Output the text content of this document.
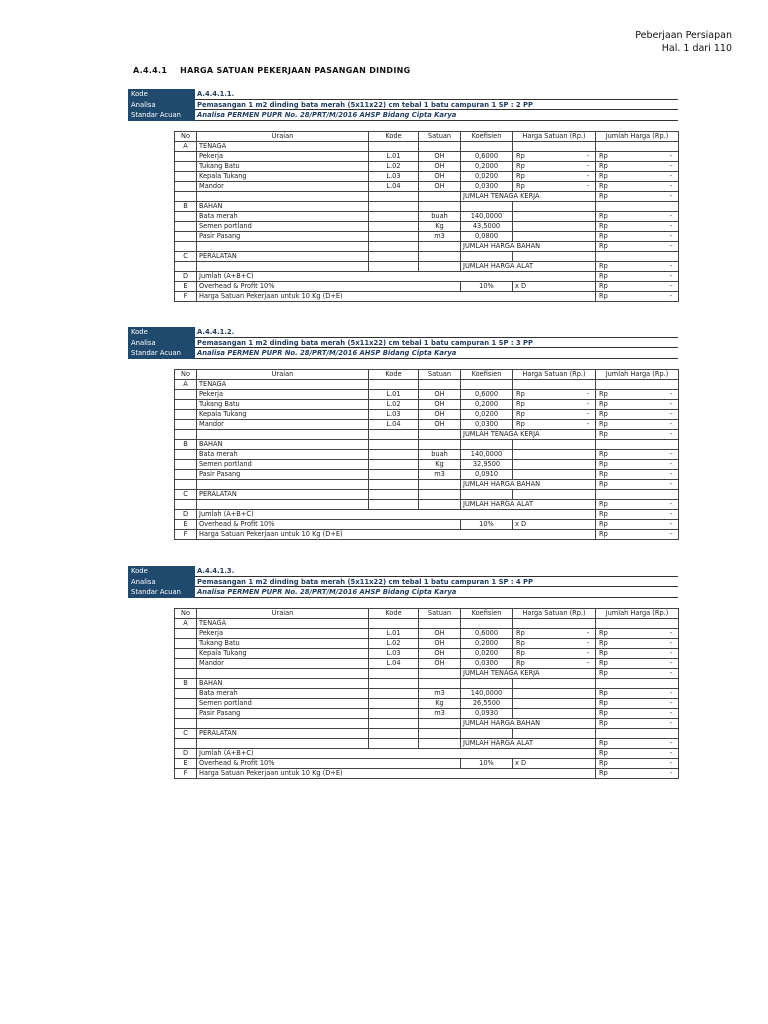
Peberjaan Persiapan
Hal. 1 dari 110
A.4.4.1 HARGA SATUAN PEKERJAAN PASANGAN DINDING
Kode	A.4.4.1.1.
Analisa	Pemasangan 1 m2 dinding bata merah (5x11x22) cm tebal 1 batu campuran 1 SP : 2 PP
Standar Acuan	Analisa PERMEN PUPR No. 28/PRT/M/2016 AHSP Bidang Cipta Karya
No	Uraian	Kode	Satuan	Koefisien	Harga Satuan (Rp.)	Jumlah Harga (Rp.)
A	TENAGA					
	Pekerja	L.01	OH	0,6000	Rp -	Rp -

	Tukang Batu	L.02	OH	0,2000	Rp -	Rp -

	Kepala Tukang	L.03	OH	0,0200	Rp -	Rp -

	Mandor	L.04	OH	0,0300	Rp -	Rp -

				JUMLAH TENAGA KERJA		Rp -

B	BAHAN					
	Bata merah		buah	140,0000		Rp -

	Semen portland		Kg	43,5000		Rp -

	Pasir Pasang		m3	0,0800		Rp -

				JUMLAH HARGA BAHAN		Rp -

C	PERALATAN					
				JUMLAH HARGA ALAT		Rp -

D	Jumlah (A+B+C)					Rp -

E	Overhead & Profit 10%			10%	x D	Rp -

F	Harga Satuan Pekerjaan untuk 10 Kg (D+E)					Rp -
Kode	A.4.4.1.2.
Analisa	Pemasangan 1 m2 dinding bata merah (5x11x22) cm tebal 1 batu campuran 1 SP : 3 PP
Standar Acuan	Analisa PERMEN PUPR No. 28/PRT/M/2016 AHSP Bidang Cipta Karya
No	Uraian	Kode	Satuan	Koefisien	Harga Satuan (Rp.)	Jumlah Harga (Rp.)
A	TENAGA					
	Pekerja	L.01	OH	0,6000	Rp -	Rp -

	Tukang Batu	L.02	OH	0,2000	Rp -	Rp -

	Kepala Tukang	L.03	OH	0,0200	Rp -	Rp -

	Mandor	L.04	OH	0,0300	Rp -	Rp -

				JUMLAH TENAGA KERJA		Rp -

B	BAHAN					
	Bata merah		buah	140,0000		Rp -

	Semen portland		Kg	32,9500		Rp -

	Pasir Pasang		m3	0,0910		Rp -

				JUMLAH HARGA BAHAN		Rp -

C	PERALATAN					
				JUMLAH HARGA ALAT		Rp -

D	Jumlah (A+B+C)					Rp -

E	Overhead & Profit 10%			10%	x D	Rp -

F	Harga Satuan Pekerjaan untuk 10 Kg (D+E)					Rp -
Kode	A.4.4.1.3.
Analisa	Pemasangan 1 m2 dinding bata merah (5x11x22) cm tebal 1 batu campuran 1 SP : 4 PP
Standar Acuan	Analisa PERMEN PUPR No. 28/PRT/M/2016 AHSP Bidang Cipta Karya
No	Uraian	Kode	Satuan	Koefisien	Harga Satuan (Rp.)	Jumlah Harga (Rp.)
A	TENAGA					
	Pekerja	L.01	OH	0,6000	Rp -	Rp -

	Tukang Batu	L.02	OH	0,2000	Rp -	Rp -

	Kepala Tukang	L.03	OH	0,0200	Rp -	Rp -

	Mandor	L.04	OH	0,0300	Rp -	Rp -

				JUMLAH TENAGA KERJA		Rp -

B	BAHAN					
	Bata merah		m3	140,0000		Rp -

	Semen portland		Kg	26,5500		Rp -

	Pasir Pasang		m3	0,0930		Rp -

				JUMLAH HARGA BAHAN		Rp -

C	PERALATAN					
				JUMLAH HARGA ALAT		Rp -

D	Jumlah (A+B+C)					Rp -

E	Overhead & Profit 10%			10%	x D	Rp -

F	Harga Satuan Pekerjaan untuk 10 Kg (D+E)					Rp -
